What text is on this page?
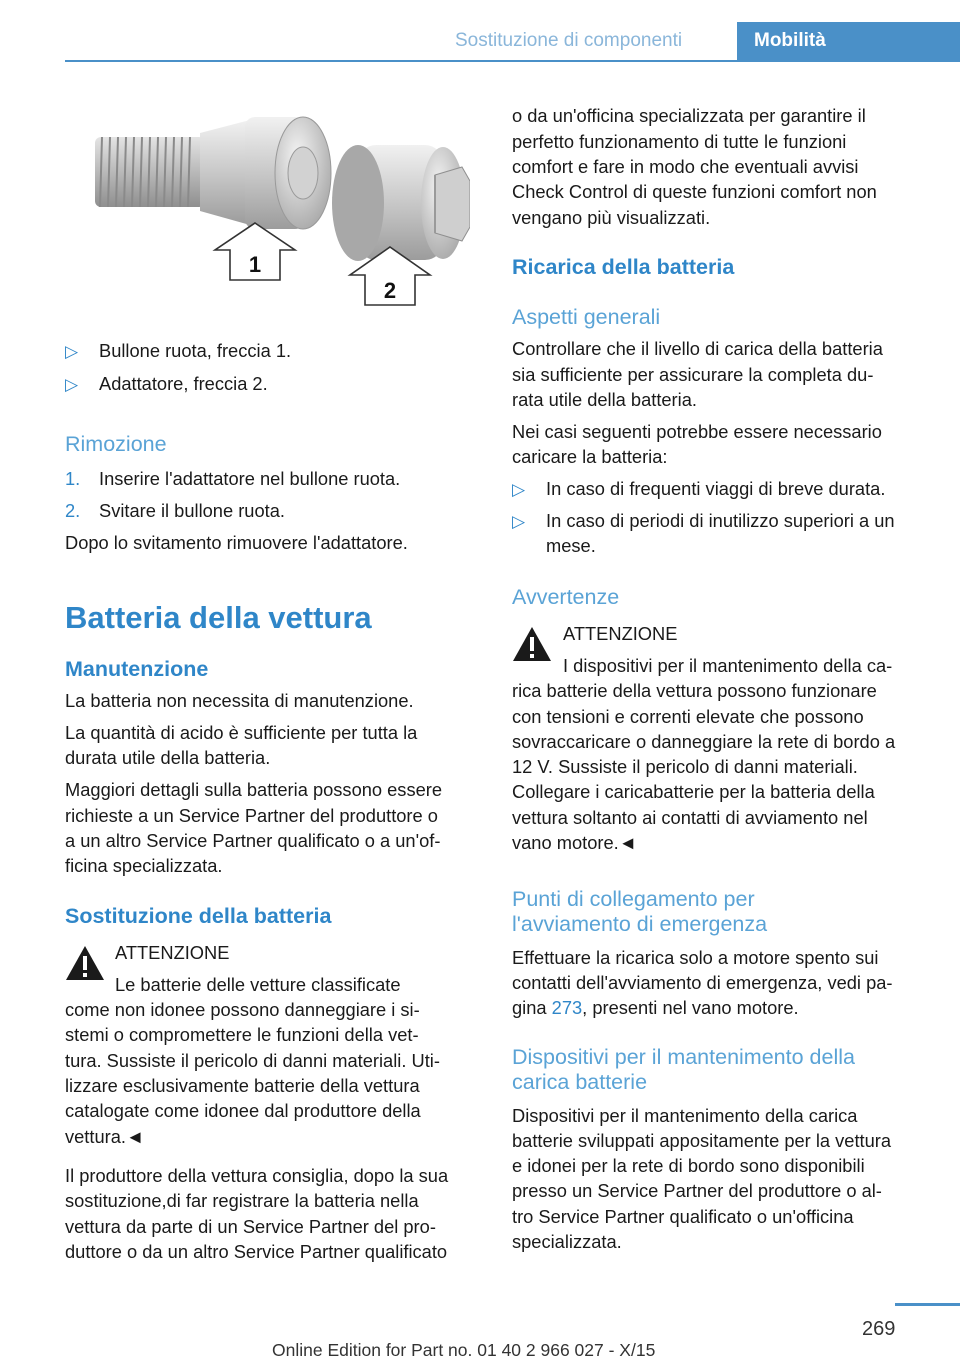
Sostituzione di componenti	Mobilità
1
2
▷ Bullone ruota, freccia 1.
▷ Adattatore, freccia 2.
Rimozione
1. Inserire l'adattatore nel bullone ruota.
2. Svitare il bullone ruota.
Dopo lo svitamento rimuovere l'adattatore.
Batteria della vettura
Manutenzione
La batteria non necessita di manutenzione.
La quantità di acido è sufficiente per tutta la
durata utile della batteria.
Maggiori dettagli sulla batteria possono essere
richieste a un Service Partner del produttore o
a un altro Service Partner qualificato o a un'of-
ficina specializzata.
Sostituzione della batteria
ATTENZIONE
Le batterie delle vetture classificate
come non idonee possono danneggiare i si-
stemi o compromettere le funzioni della vet-
tura. Sussiste il pericolo di danni materiali. Uti-
lizzare esclusivamente batterie della vettura
catalogate come idonee dal produttore della
vettura.◄
Il produttore della vettura consiglia, dopo la sua
sostituzione,di far registrare la batteria nella
vettura da parte di un Service Partner del pro-
duttore o da un altro Service Partner qualificato
o da un'officina specializzata per garantire il
perfetto funzionamento di tutte le funzioni
comfort e fare in modo che eventuali avvisi
Check Control di queste funzioni comfort non
vengano più visualizzati.
Ricarica della batteria
Aspetti generali
Controllare che il livello di carica della batteria
sia sufficiente per assicurare la completa du-
rata utile della batteria.
Nei casi seguenti potrebbe essere necessario
caricare la batteria:
▷ In caso di frequenti viaggi di breve durata.
▷ In caso di periodi di inutilizzo superiori a un
mese.
Avvertenze
ATTENZIONE
I dispositivi per il mantenimento della ca-
rica batterie della vettura possono funzionare
con tensioni e correnti elevate che possono
sovraccaricare o danneggiare la rete di bordo a
12 V. Sussiste il pericolo di danni materiali.
Collegare i caricabatterie per la batteria della
vettura soltanto ai contatti di avviamento nel
vano motore.◄
Punti di collegamento per
l'avviamento di emergenza
Effettuare la ricarica solo a motore spento sui
contatti dell'avviamento di emergenza, vedi pa-
gina 273, presenti nel vano motore.
Dispositivi per il mantenimento della
carica batterie
Dispositivi per il mantenimento della carica
batterie sviluppati appositamente per la vettura
e idonei per la rete di bordo sono disponibili
presso un Service Partner del produttore o al-
tro Service Partner qualificato o un'officina
specializzata.
269
Online Edition for Part no. 01 40 2 966 027 - X/15
